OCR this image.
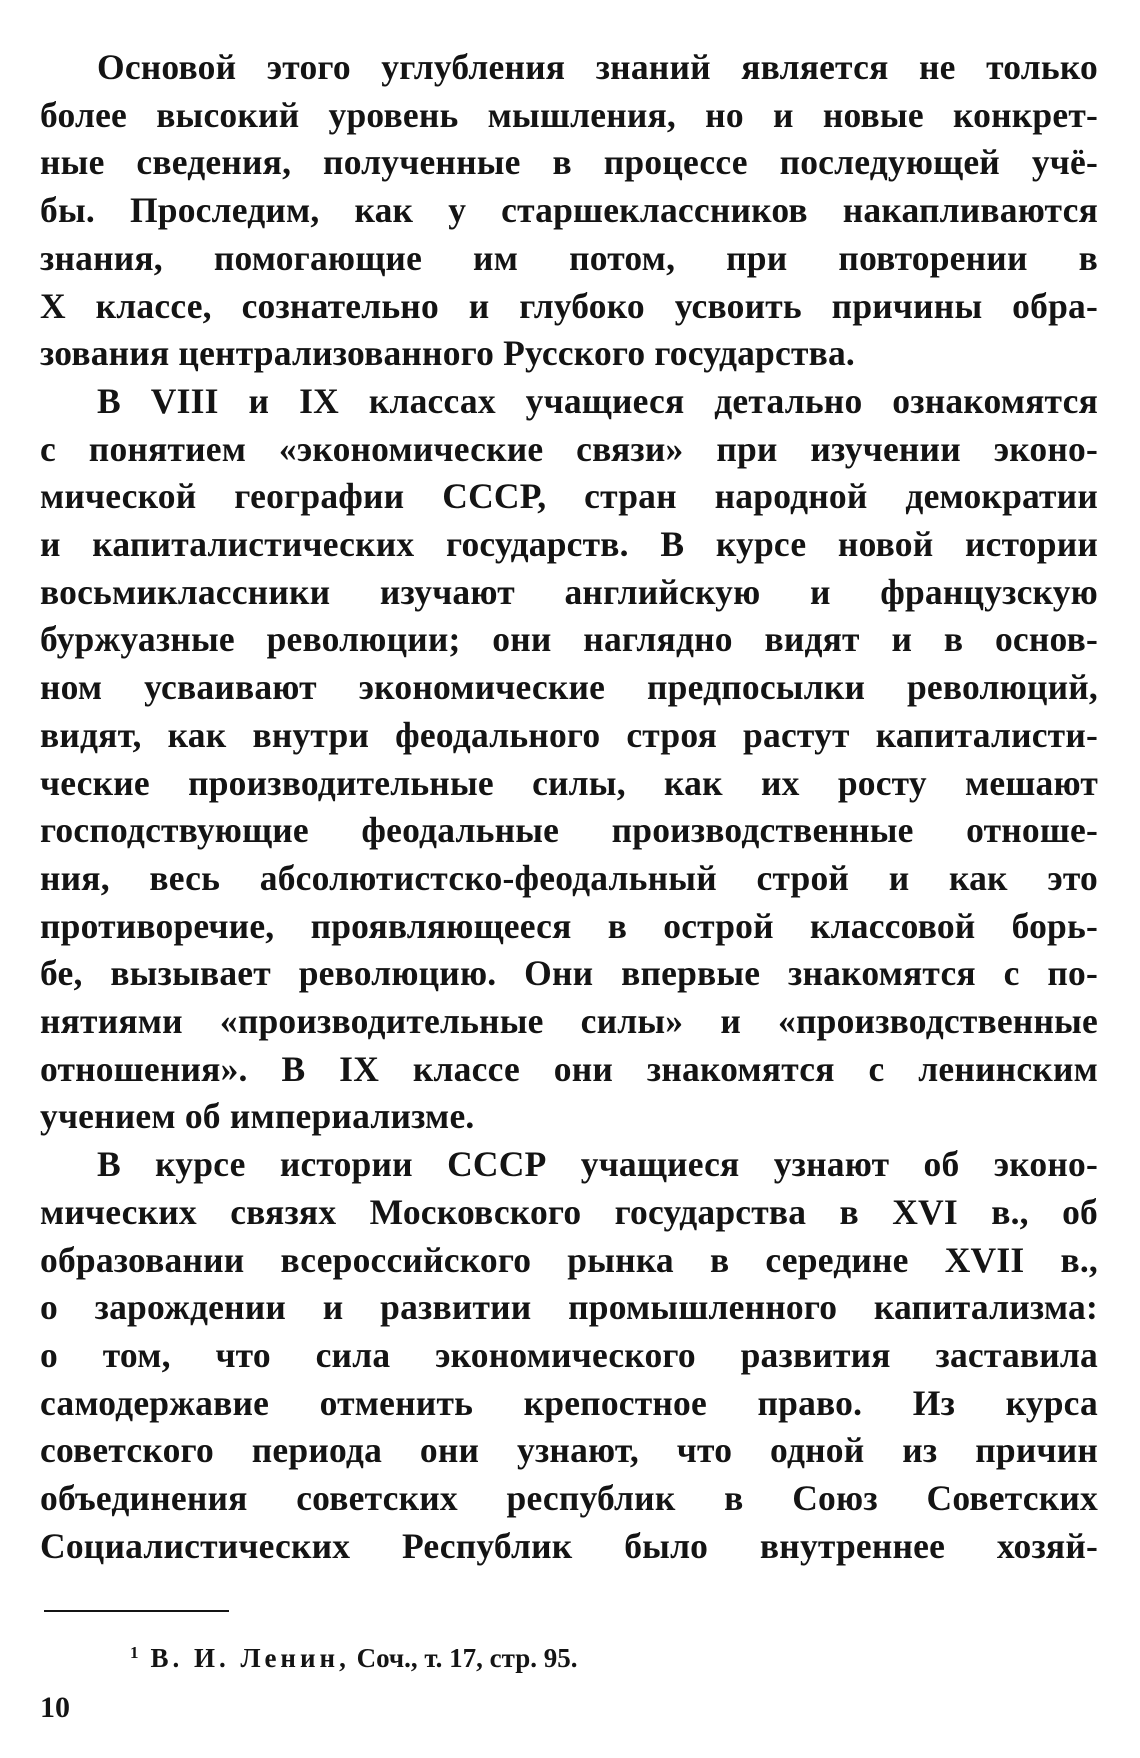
Основой этого углубления знаний является не только
более высокий уровень мышления, но и новые конкрет-
ные сведения, полученные в процессе последующей учё-
бы. Проследим, как у старшеклассников накапливаются
знания, помогающие им потом, при повторении в
X классе, сознательно и глубоко усвоить причины обра-
зования централизованного Русского государства.

В VIII и IX классах учащиеся детально ознакомятся
с понятием «экономические связи» при изучении эконо-
мической географии СССР, стран народной демократии
и капиталистических государств. В курсе новой истории
восьмиклассники изучают английскую и французскую
буржуазные революции; они наглядно видят и в основ-
ном усваивают экономические предпосылки революций,
видят, как внутри феодального строя растут капиталисти-
ческие производительные силы, как их росту мешают
господствующие феодальные производственные отноше-
ния, весь абсолютистско-феодальный строй и как это
противоречие, проявляющееся в острой классовой борь-
бе, вызывает революцию. Они впервые знакомятся с по-
нятиями «производительные силы» и «производственные
отношения». В IX классе они знакомятся с ленинским
учением об империализме.

В курсе истории СССР учащиеся узнают об эконо-
мических связях Московского государства в XVI в., об
образовании всероссийского рынка в середине XVII в.,
о зарождении и развитии промышленного капитализма:
о том, что сила экономического развития заставила
самодержавие отменить крепостное право. Из курса
советского периода они узнают, что одной из причин
объединения советских республик в Союз Советских
Социалистических Республик было внутреннее хозяй-

$^1$ В. И. Ленин, Соч., т. 17, стр. 95.
10
